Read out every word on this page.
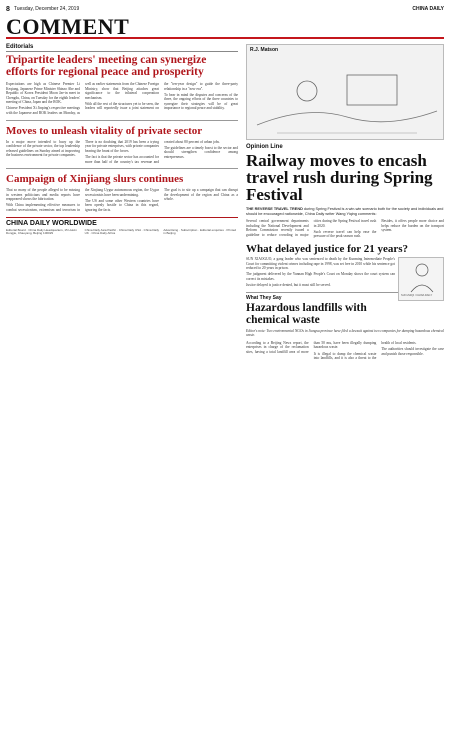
8 Tuesday, December 24, 2019	CHINA DAILY
COMMENT
Editorials
Tripartite leaders' meeting can synergize efforts for regional peace and prosperity

Expectations are high as Chinese Premier Li Keqiang, Japanese Prime Minister Shinzo Abe and Republic of Korea President Moon Jae-in meet in Chengdu, China, on Tuesday for the eighth leaders' meeting of China, Japan and the ROK.

Chinese President Xi Jinping's respective meetings with the Japanese and ROK leaders on Monday, as well as earlier statements from the Chinese Foreign Ministry, show that Beijing attaches great significance to the trilateral cooperation mechanism.

With all the rest of the structures yet to be seen, the leaders will reportedly issue a joint statement on the "ten-year design" to guide the three-party relationship in a "new era".

To bear in mind the disputes and concerns of the three, the ongoing efforts of the three countries to synergize their strategies will be of great importance to regional peace and stability.

Moves to unleash vitality of private sector

In a major move intended to buoy up the confidence of the private sector, the top leadership released guidelines on Sunday aimed at improving the business environment for private companies.

There is no doubting that 2019 has been a trying year for private enterprises, with private companies bearing the brunt of the forces.

The fact is that the private sector has accounted for more than half of the country's tax revenue and created about 80 percent of urban jobs.

The guidelines are a timely boost to the sector and should strengthen confidence among entrepreneurs.

Campaign of Xinjiang slurs continues

That so many of the people alleged to be missing in western politicians and media reports have reappeared shows the fabrication.

With China implementing effective measures to combat secessionism, extremism and terrorism in the Xinjiang Uygur autonomous region, the Uygur secessionists have been undermining.

The US and some other Western countries have been openly hostile to China in this regard, ignoring the facts.

The goal is to stir up a campaign that can disrupt the development of the region and China as a whole.

CHINA DAILY WORLDWIDE
Editorial Board · China Daily Headquarters, 15 Huixin Dongjie, Chaoyang, Beijing 100029
China Daily Asia Pacific · China Daily USA · China Daily UK · China Daily Africa
Advertising · Subscription · Editorial enquiries · Printed in Beijing
R.J. Matson
Opinion Line
Railway moves to encash travel rush during Spring Festival
THE REVERSE TRAVEL TREND during Spring Festival is a win-win scenario both for the society and individuals and should be encouraged nationwide, China Daily writer Wang Yiqing comments:

Several central government departments including the National Development and Reform Commission recently issued a guideline to reduce crowding in major cities during the Spring Festival travel rush in 2020.

Such reverse travel can help ease the pressure of the peak season rush.

Besides, it offers people more choice and helps reduce the burden on the transport system.

What delayed justice for 21 years?
SUN ZHIQI / CHINA DAILY

SUN XIAOGUO, a gang leader who was sentenced to death by the Kunming Intermediate People's Court for committing violent crimes including rape in 1998, was set free in 2010 while his sentence got reduced to 20 years in prison.

The judgment delivered by the Yunnan High People's Court on Monday shows the court system can correct its mistakes.

Justice delayed is justice denied, but it must still be served.

What They Say
Hazardous landfills with chemical waste
Editor's note: Two environmental NGOs in Jiangsu province have filed a lawsuit against two companies for dumping hazardous chemical waste.

According to a Beijing News report, the enterprises in charge of the reclamation sites, having a total landfill area of more than 50 mu, have been illegally dumping hazardous waste.

It is illegal to dump the chemical waste into landfills, and it is also a threat to the health of local residents.

The authorities should investigate the case and punish those responsible.
